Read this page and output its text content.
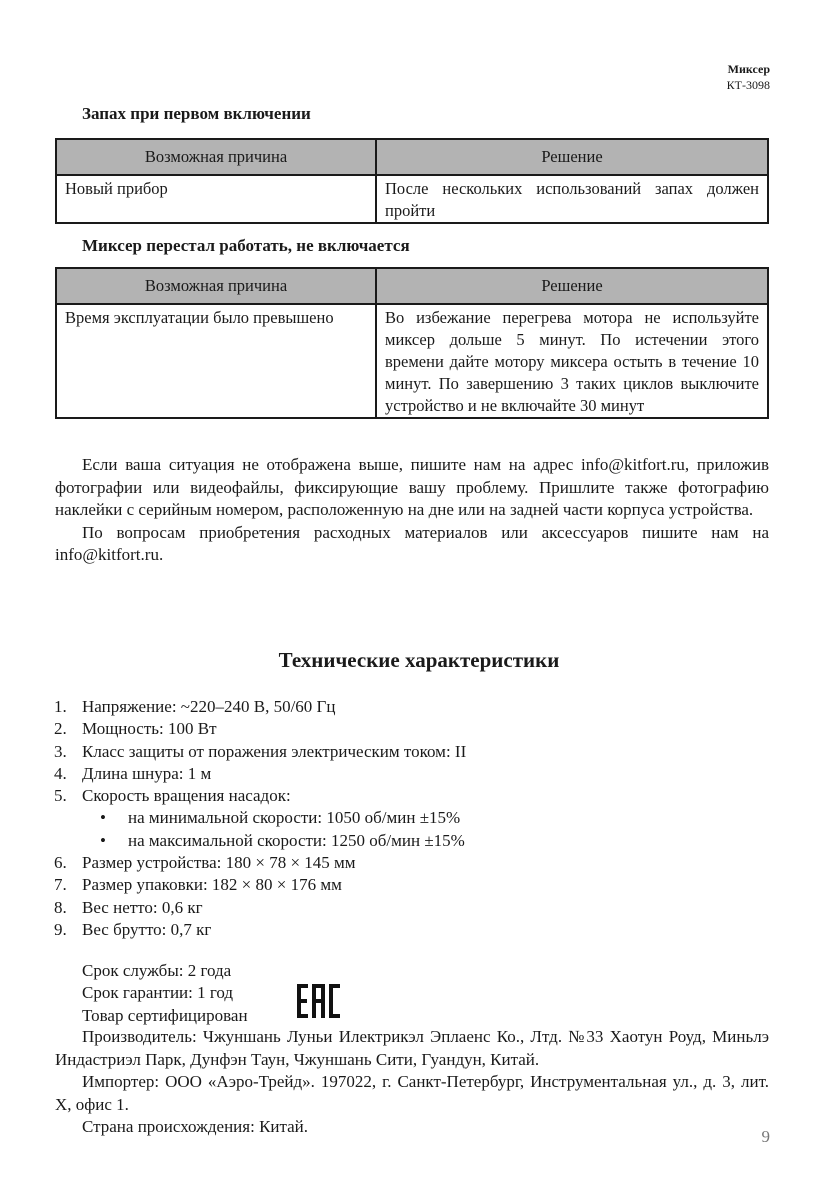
Миксер
КТ-3098
Запах при первом включении
Возможная причина	Решение
Новый прибор	После нескольких использований запах должен пройти
Миксер перестал работать, не включается
Возможная причина	Решение
Время эксплуатации было превышено	Во избежание перегрева мотора не используйте миксер дольше 5 минут. По истечении этого времени дайте мотору миксера остыть в течение 10 минут. По завершению 3 таких циклов выключите устройство и не включайте 30 минут

Если ваша ситуация не отображена выше, пишите нам на адрес info@kitfort.ru, приложив фотографии или видеофайлы, фиксирующие вашу проблему. Пришлите также фотографию наклейки с серийным номером, расположенную на дне или на задней части корпуса устройства.

По вопросам приобретения расходных материалов или аксессуаров пишите нам на info@kitfort.ru.

Технические характеристики
1. Напряжение: ~220–240 В, 50/60 Гц
2. Мощность: 100 Вт
3. Класс защиты от поражения электрическим током: II
4. Длина шнура: 1 м
5. Скорость вращения насадок:
• на минимальной скорости: 1050 об/мин ±15%
• на максимальной скорости: 1250 об/мин ±15%
6. Размер устройства: 180 × 78 × 145 мм
7. Размер упаковки: 182 × 80 × 176 мм
8. Вес нетто: 0,6 кг
9. Вес брутто: 0,7 кг
Срок службы: 2 года
Срок гарантии: 1 год
Товар сертифицирован

Производитель: Чжуншань Луньи Илектрикэл Эплаенс Ко., Лтд. №33 Хаотун Роуд, Миньлэ Индастриэл Парк, Дунфэн Таун, Чжуншань Сити, Гуандун, Китай.

Импортер: ООО «Аэро-Трейд». 197022, г. Санкт-Петербург, Инструментальная ул., д. 3, лит. Х, офис 1.

Страна происхождения: Китай.

9
